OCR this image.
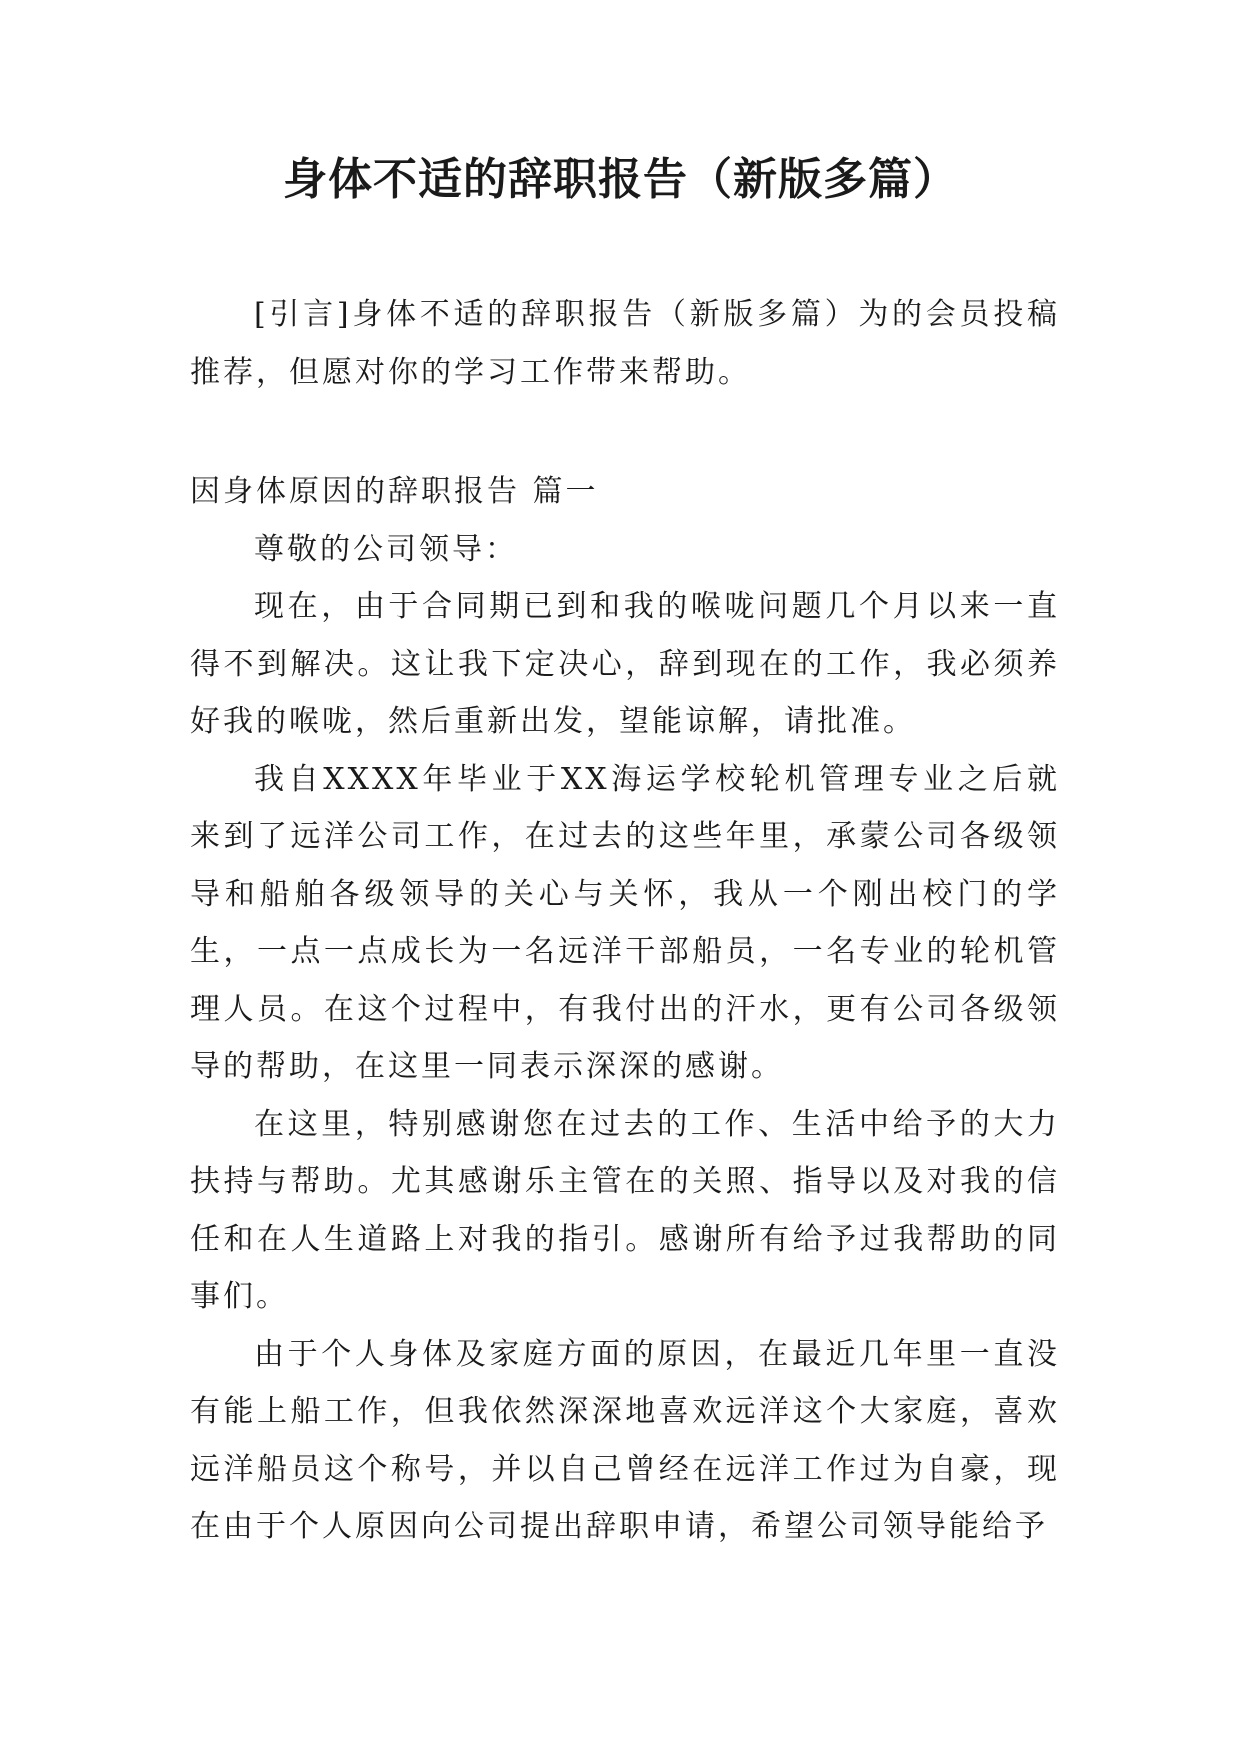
身体不适的辞职报告（新版多篇）

[引言]身体不适的辞职报告（新版多篇）为的会员投稿推荐，但愿对你的学习工作带来帮助。

因身体原因的辞职报告 篇一

尊敬的公司领导：

现在，由于合同期已到和我的喉咙问题几个月以来一直得不到解决。这让我下定决心，辞到现在的工作，我必须养好我的喉咙，然后重新出发，望能谅解，请批准。

我自XXXX年毕业于XX海运学校轮机管理专业之后就来到了远洋公司工作，在过去的这些年里，承蒙公司各级领导和船舶各级领导的关心与关怀，我从一个刚出校门的学生，一点一点成长为一名远洋干部船员，一名专业的轮机管理人员。在这个过程中，有我付出的汗水，更有公司各级领导的帮助，在这里一同表示深深的感谢。

在这里，特别感谢您在过去的工作、生活中给予的大力扶持与帮助。尤其感谢乐主管在的关照、指导以及对我的信任和在人生道路上对我的指引。感谢所有给予过我帮助的同事们。

由于个人身体及家庭方面的原因，在最近几年里一直没有能上船工作，但我依然深深地喜欢远洋这个大家庭，喜欢远洋船员这个称号，并以自己曾经在远洋工作过为自豪，现在由于个人原因向公司提出辞职申请，希望公司领导能给予
